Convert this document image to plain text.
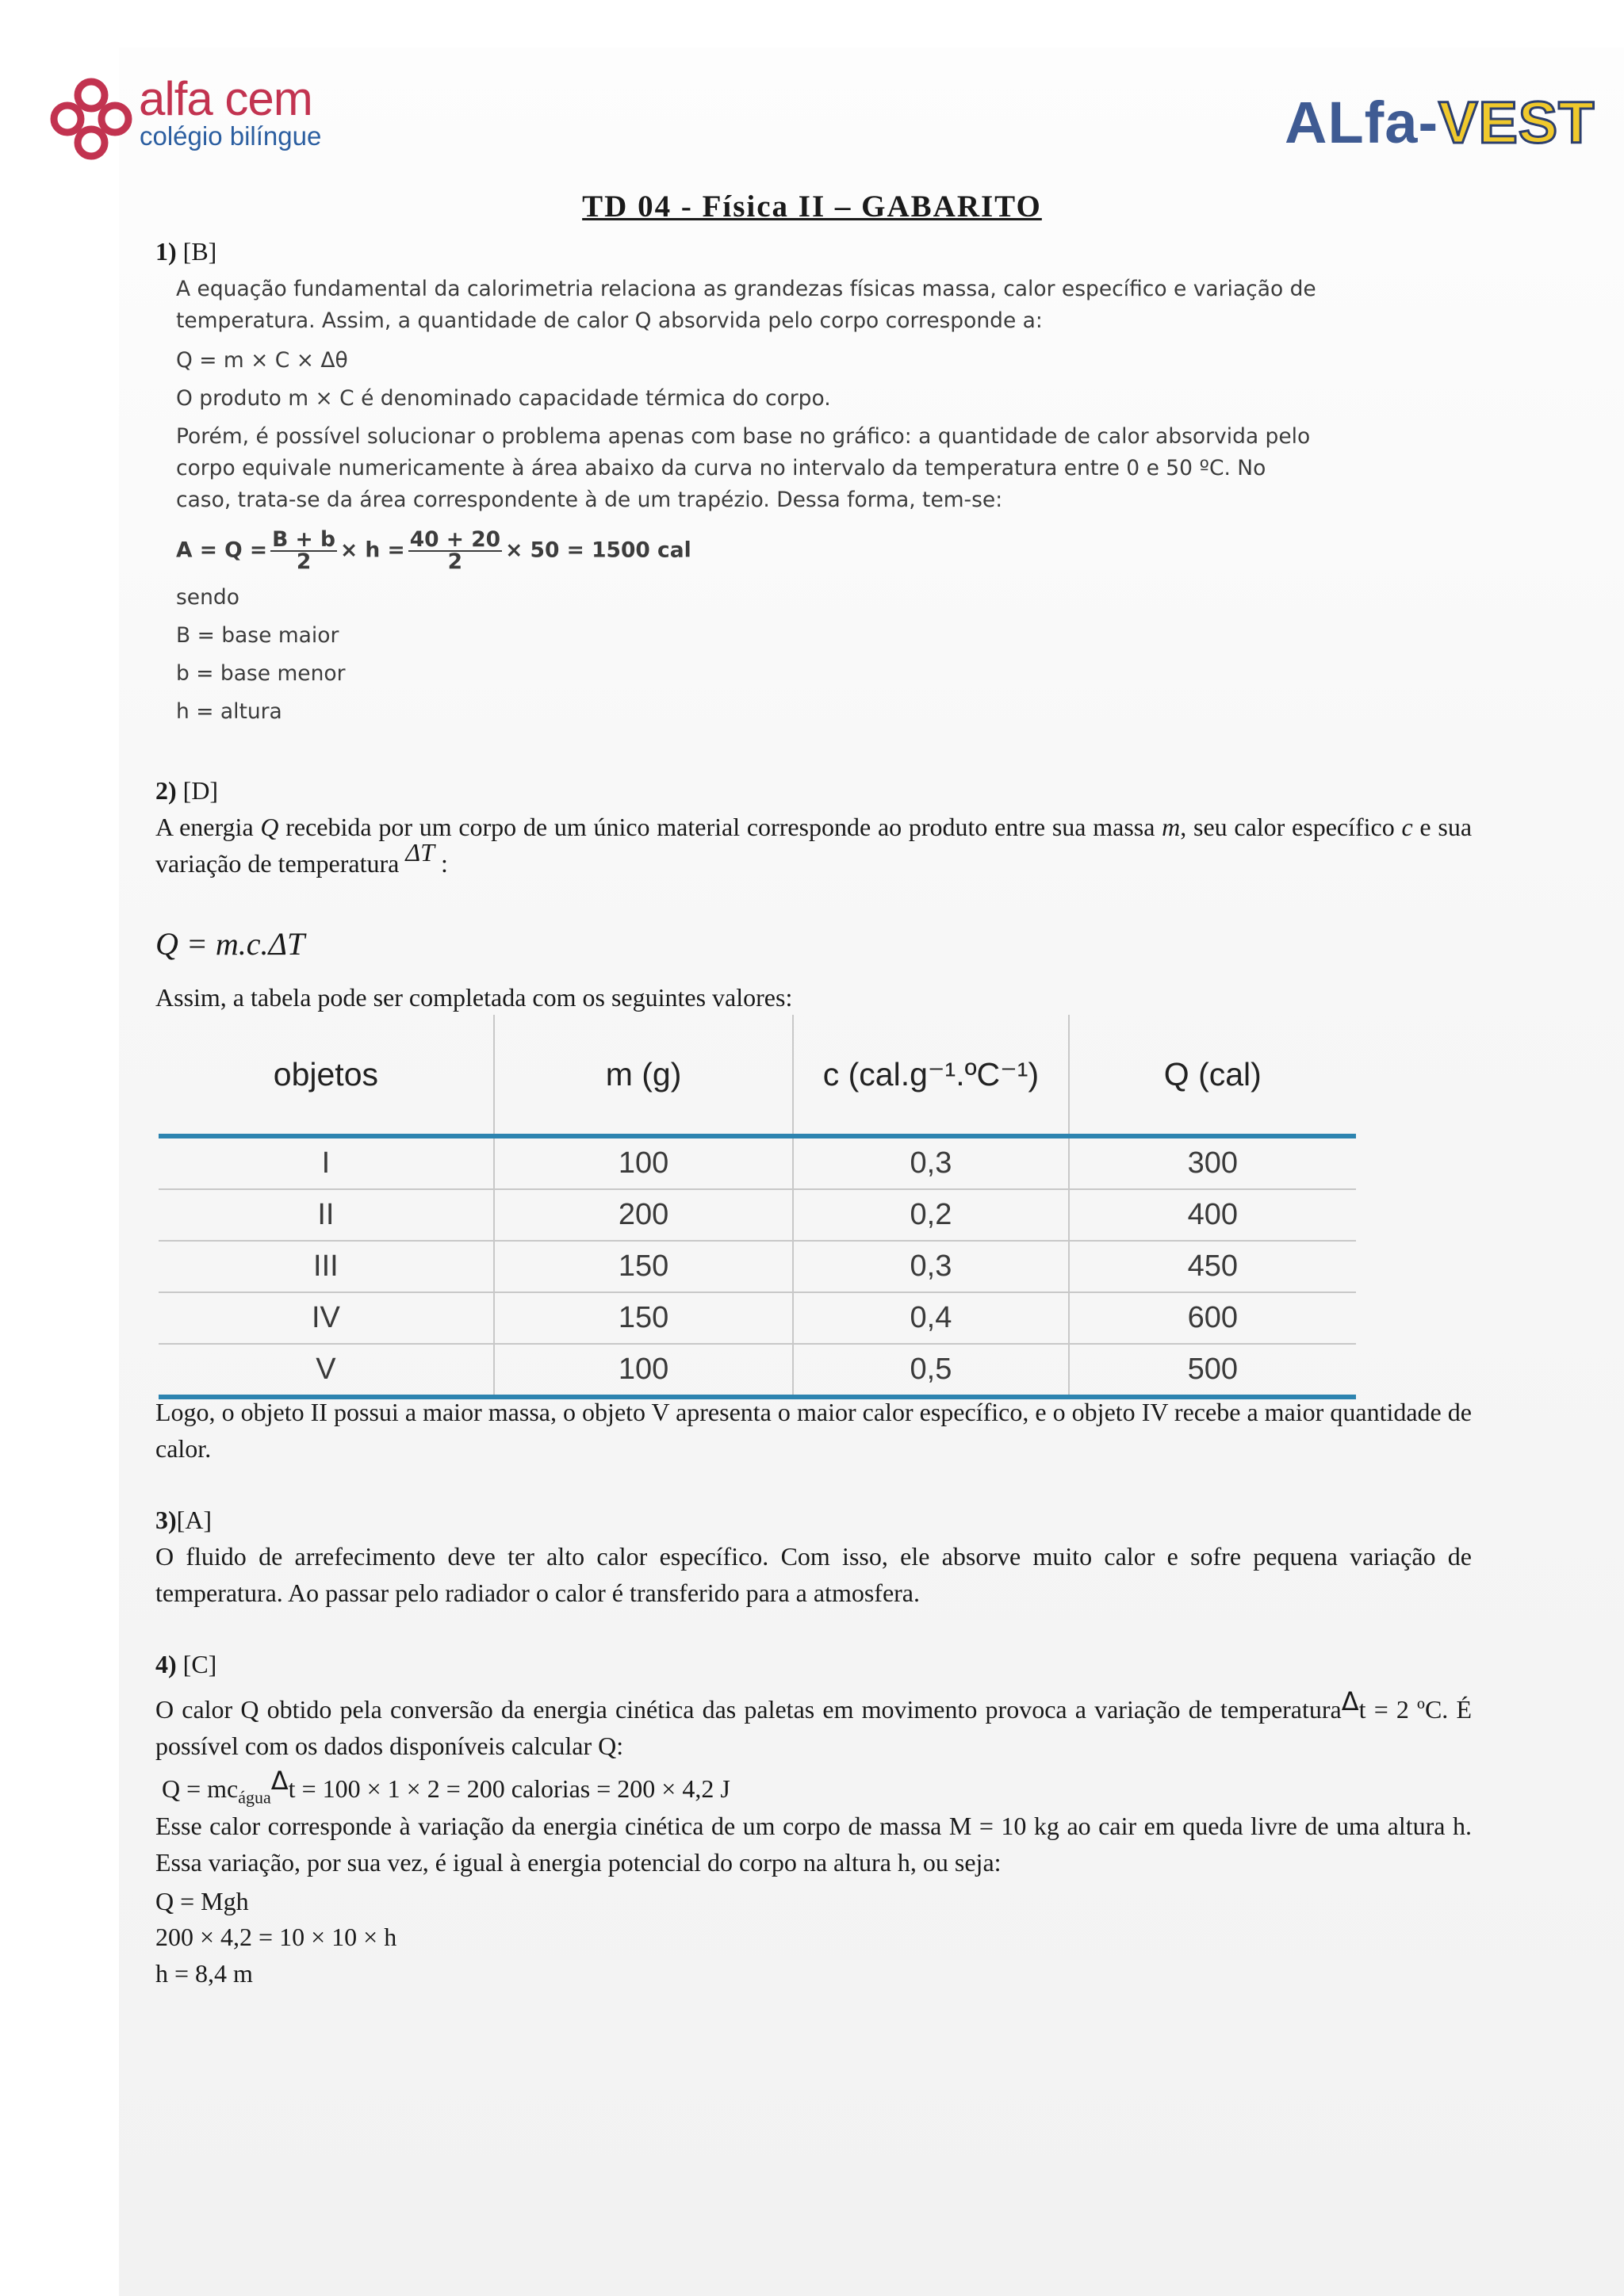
alfa cem
colégio bilíngue	ALfa-VEST
TD 04 - Física II – GABARITO
1) [B]
A equação fundamental da calorimetria relaciona as grandezas físicas massa, calor específico e variação de temperatura. Assim, a quantidade de calor Q absorvida pelo corpo corresponde a:
Q = m × C × Δθ
O produto m × C é denominado capacidade térmica do corpo.
Porém, é possível solucionar o problema apenas com base no gráfico: a quantidade de calor absorvida pelo corpo equivale numericamente à área abaixo da curva no intervalo da temperatura entre 0 e 50 ºC. No caso, trata-se da área correspondente à de um trapézio. Dessa forma, tem-se:
$A = Q = \frac{B + b}{2} \times h = \frac{40 + 20}{2} \times 50 = 1500$ cal
sendo
B = base maior
b = base menor
h = altura
2) [D]
A energia Q recebida por um corpo de um único material corresponde ao produto entre sua massa m, seu calor específico c e sua variação de temperatura ΔT :
Q = m.c.ΔT
Assim, a tabela pode ser completada com os seguintes valores:
objetos	m (g)	c (cal.g⁻¹.ºC⁻¹)	Q (cal)
I	100	0,3	300
II	200	0,2	400
III	150	0,3	450
IV	150	0,4	600
V	100	0,5	500
Logo, o objeto II possui a maior massa, o objeto V apresenta o maior calor específico, e o objeto IV recebe a maior quantidade de calor.
3)[A]
O fluido de arrefecimento deve ter alto calor específico. Com isso, ele absorve muito calor e sofre pequena variação de temperatura. Ao passar pelo radiador o calor é transferido para a atmosfera.
4) [C]
O calor Q obtido pela conversão da energia cinética das paletas em movimento provoca a variação de temperaturaΔt = 2 ºC. É possível com os dados disponíveis calcular Q:
$Q = mc_{água}\Delta t = 100 \times 1 \times 2 = 200$ calorias = 200 × 4,2 J
Esse calor corresponde à variação da energia cinética de um corpo de massa M = 10 kg ao cair em queda livre de uma altura h. Essa variação, por sua vez, é igual à energia potencial do corpo na altura h, ou seja:
Q = Mgh
200 × 4,2 = 10 × 10 × h
h = 8,4 m
